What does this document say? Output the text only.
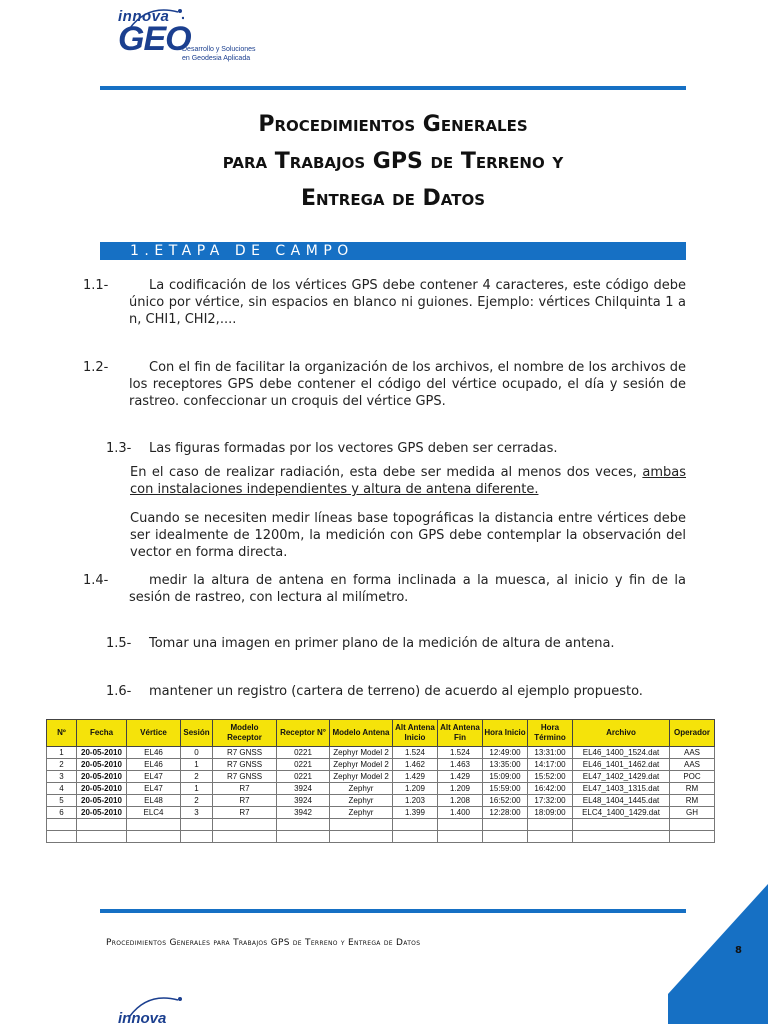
innova
GEO
Desarrollo y Soluciones
en Geodesia Aplicada
Procedimientos Generales
para Trabajos GPS de Terreno y
Entrega de Datos
1.ETAPA DE CAMPO
1.1-	La codificación de los vértices GPS debe contener 4 caracteres, este código debe único por vértice, sin espacios en blanco ni guiones. Ejemplo: vértices Chilquinta 1 a n, CHI1, CHI2,....
1.2-	Con el fin de facilitar la organización de los archivos, el nombre de los archivos de los receptores GPS debe contener el código del vértice ocupado, el día y sesión de rastreo. confeccionar un croquis del vértice GPS.
1.3- Las figuras formadas por los vectores GPS deben ser cerradas.
En el caso de realizar radiación, esta debe ser medida al menos dos veces, ambas con instalaciones independientes y altura de antena diferente.
Cuando se necesiten medir líneas base topográficas la distancia entre vértices debe ser idealmente de 1200m, la medición con GPS debe contemplar la observación del vector en forma directa.
1.4-	medir la altura de antena en forma inclinada a la muesca, al inicio y fin de la sesión de rastreo, con lectura al milímetro.
1.5- Tomar una imagen en primer plano de la medición de altura de antena.
1.6- mantener un registro (cartera de terreno) de acuerdo al ejemplo propuesto.
Nº	Fecha	Vértice	Sesión	Modelo Receptor	Receptor N°	Modelo Antena	Alt Antena Inicio	Alt Antena Fin	Hora Inicio	Hora Término	Archivo	Operador
1	20-05-2010	EL46	0	R7 GNSS	0221	Zephyr Model 2	1.524	1.524	12:49:00	13:31:00	EL46_1400_1524.dat	AAS
2	20-05-2010	EL46	1	R7 GNSS	0221	Zephyr Model 2	1.462	1.463	13:35:00	14:17:00	EL46_1401_1462.dat	AAS
3	20-05-2010	EL47	2	R7 GNSS	0221	Zephyr Model 2	1.429	1.429	15:09:00	15:52:00	EL47_1402_1429.dat	POC
4	20-05-2010	EL47	1	R7	3924	Zephyr	1.209	1.209	15:59:00	16:42:00	EL47_1403_1315.dat	RM
5	20-05-2010	EL48	2	R7	3924	Zephyr	1.203	1.208	16:52:00	17:32:00	EL48_1404_1445.dat	RM
6	20-05-2010	ELC4	3	R7	3942	Zephyr	1.399	1.400	12:28:00	18:09:00	ELC4_1400_1429.dat	GH

Procedimientos Generales para Trabajos GPS de Terreno y Entrega de Datos
8
innova
